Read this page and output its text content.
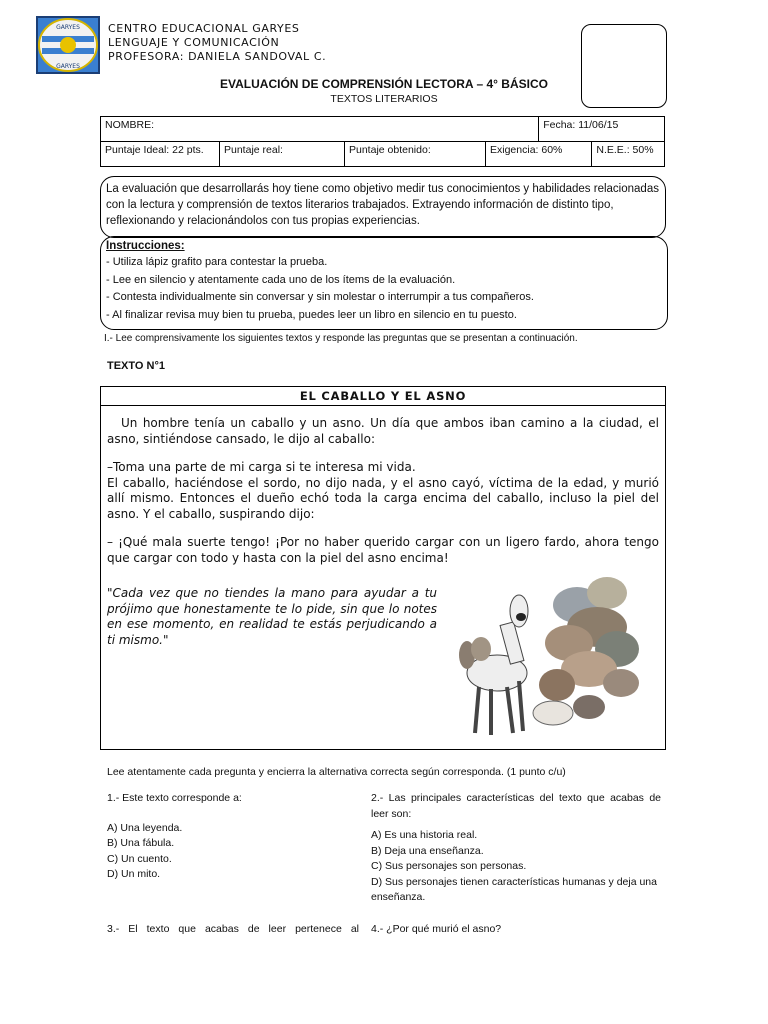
GARYES
GARYES
CENTRO EDUCACIONAL GARYES
LENGUAJE Y COMUNICACIÓN
PROFESORA: DANIELA SANDOVAL C.
EVALUACIÓN DE COMPRENSIÓN LECTORA – 4° BÁSICO
TEXTOS LITERARIOS
NOMBRE:				Fecha: 11/06/15	
Puntaje Ideal: 22 pts.	Puntaje real:	Puntaje obtenido:	Exigencia: 60%		N.E.E.: 50%
La evaluación que desarrollarás hoy tiene como objetivo medir tus conocimientos y habilidades relacionadas con la lectura y comprensión de textos literarios trabajados. Extrayendo información de distinto tipo, reflexionando y relacionándolos con tus propias experiencias.
Instrucciones:
- Utiliza lápiz grafito para contestar la prueba.
- Lee en silencio y atentamente cada uno de los ítems de la evaluación.
- Contesta individualmente sin conversar y sin molestar o interrumpir a tus compañeros.
- Al finalizar revisa muy bien tu prueba, puedes leer un libro en silencio en tu puesto.
I.- Lee comprensivamente los siguientes textos y responde las preguntas que se presentan a continuación.
TEXTO N°1
EL CABALLO Y EL ASNO
Un hombre tenía un caballo y un asno. Un día que ambos iban camino a la ciudad, el asno, sintiéndose cansado, le dijo al caballo:
–Toma una parte de mi carga si te interesa mi vida.
El caballo, haciéndose el sordo, no dijo nada, y el asno cayó, víctima de la edad, y murió allí mismo. Entonces el dueño echó toda la carga encima del caballo, incluso la piel del asno. Y el caballo, suspirando dijo:
– ¡Qué mala suerte tengo! ¡Por no haber querido cargar con un ligero fardo, ahora tengo que cargar con todo y hasta con la piel del asno encima!
"Cada vez que no tiendes la mano para ayudar a tu prójimo que honestamente te lo pide, sin que lo notes en ese momento, en realidad te estás perjudicando a ti mismo."
Lee atentamente cada pregunta y encierra la alternativa correcta según corresponda. (1 punto c/u)
1.- Este texto corresponde a:
A) Una leyenda.
B) Una fábula.
C) Un cuento.
D) Un mito.
2.- Las principales características del texto que acabas de leer son:
A) Es una historia real.
B) Deja una enseñanza.
C) Sus personajes son personas.
D) Sus personajes tienen características humanas y deja una enseñanza.
3.- El texto que acabas de leer pertenece al 4.- ¿Por qué murió el asno?
